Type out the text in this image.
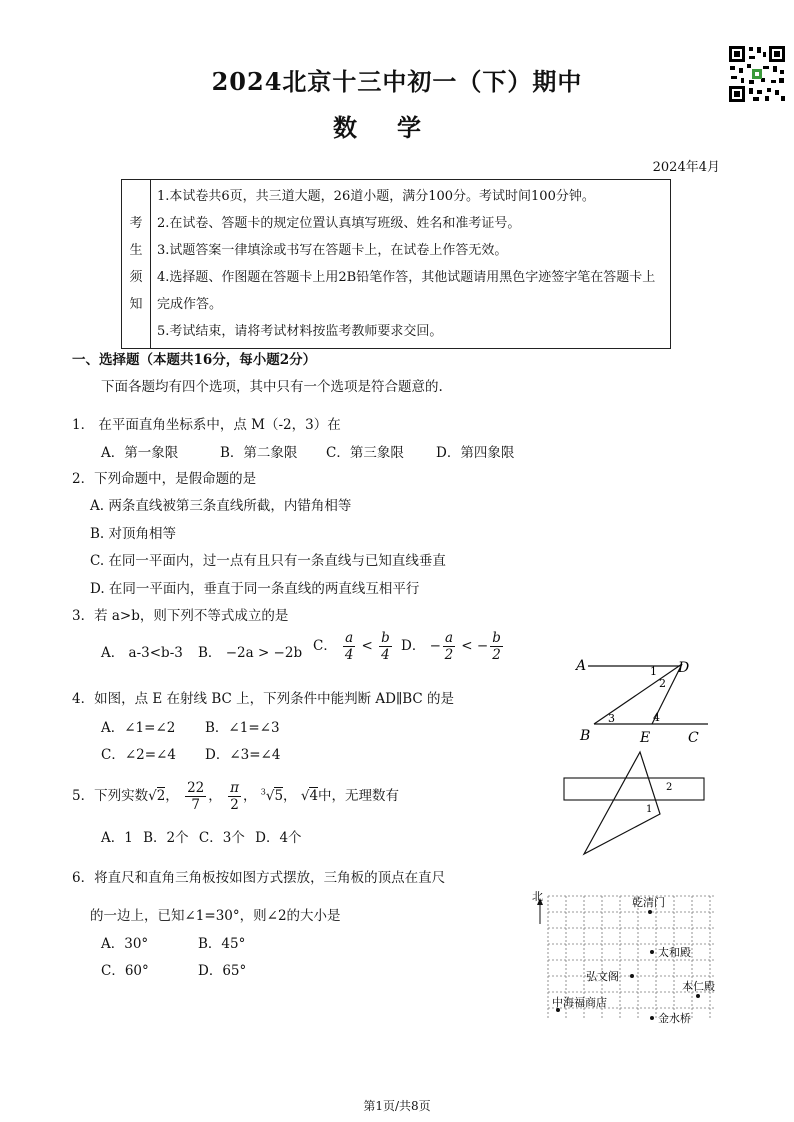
2024北京十三中初一（下）期中
数学
2024年4月
考
生
须
知

1.本试卷共6页，共三道大题，26道小题，满分100分。考试时间100分钟。
2.在试卷、答题卡的规定位置认真填写班级、姓名和准考证号。
3.试题答案一律填涂或书写在答题卡上，在试卷上作答无效。
4.选择题、作图题在答题卡上用2B铅笔作答，其他试题请用黑色字迹签字笔在答题卡上完成作答。
5.考试结束，请将考试材料按监考教师要求交回。
一、选择题（本题共16分，每小题2分）
下面各题均有四个选项，其中只有一个选项是符合题意的.
1． 在平面直角坐标系中，点 M（-2，3）在
A．第一象限	B．第二象限 C．第三象限 D．第四象限
2．下列命题中，是假命题的是
A. 两条直线被第三条直线所截，内错角相等
B. 对顶角相等
C. 在同一平面内，过一点有且只有一条直线与已知直线垂直
D. 在同一平面内，垂直于同一条直线的两直线互相平行
3．若 a>b，则下列不等式成立的是
A． a-3<b-3 B． −2a > −2b C． $\frac{a}{4} < \frac{b}{4}$ D． − $\frac{a}{2}$ < − $\frac{b}{2}$
4．如图，点 E 在射线 BC 上，下列条件中能判断 AD∥BC 的是
A．∠1=∠2 B．∠1=∠3
C．∠2=∠4 D．∠3=∠4
A	D
B	E	C
1
2
3	4
5．下列实数√2， $\frac{22}{7}$ ， $\frac{\pi}{2}$ ， $^3$√5， √4中，无理数有
A．1 B．2个 C．3个 D．4个
2
1
6．将直尺和直角三角板按如图方式摆放，三角板的顶点在直尺
的一边上，已知∠1=30°，则∠2的大小是
A．30°	B．45°
C．60°	D．65°
北	乾清门
太和殿
弘文阁
本仁殿
中海福商店
金水桥
第1页/共8页
